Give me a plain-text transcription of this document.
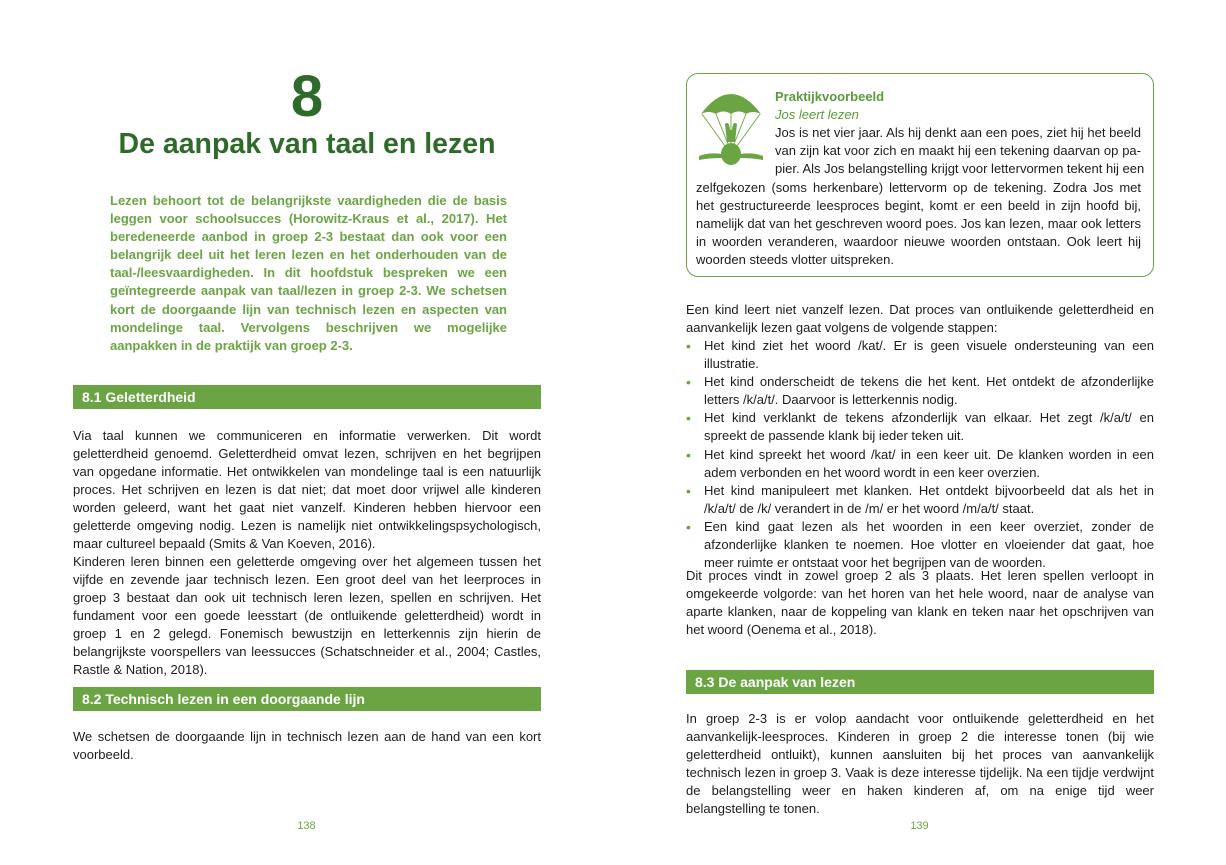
8
De aanpak van taal en lezen

Lezen behoort tot de belangrijkste vaardigheden die de basis leggen voor schoolsucces (Horowitz-Kraus et al., 2017). Het beredeneerde aanbod in groep 2-3 bestaat dan ook voor een belangrijk deel uit het leren lezen en het onderhouden van de taal-/leesvaardigheden. In dit hoofdstuk bespreken we een geïntegreerde aanpak van taal/lezen in groep 2-3. We schetsen kort de doorgaande lijn van technisch lezen en aspecten van mondelinge taal. Vervolgens beschrijven we mogelijke aanpakken in de praktijk van groep 2-3.

8.1 Geletterdheid

Via taal kunnen we communiceren en informatie verwerken. Dit wordt geletterdheid genoemd. Geletterdheid omvat lezen, schrijven en het begrijpen van opgedane informatie. Het ontwikkelen van mondelinge taal is een natuurlijk proces. Het schrijven en lezen is dat niet; dat moet door vrijwel alle kinderen worden geleerd, want het gaat niet vanzelf. Kinderen hebben hiervoor een geletterde omgeving nodig. Lezen is namelijk niet ontwikkelingspsychologisch, maar cultureel bepaald (Smits & Van Koeven, 2016).

Kinderen leren binnen een geletterde omgeving over het algemeen tussen het vijfde en zevende jaar technisch lezen. Een groot deel van het leerproces in groep 3 bestaat dan ook uit technisch leren lezen, spellen en schrijven. Het fundament voor een goede leesstart (de ontluikende geletterdheid) wordt in groep 1 en 2 gelegd. Fonemisch bewustzijn en letterkennis zijn hierin de belangrijkste voorspellers van leessucces (Schatschneider et al., 2004; Castles, Rastle & Nation, 2018).

8.2 Technisch lezen in een doorgaande lijn

We schetsen de doorgaande lijn in technisch lezen aan de hand van een kort voorbeeld.

138
Praktijkvoorbeeld
Jos leert lezen
Jos is net vier jaar. Als hij denkt aan een poes, ziet hij het beeld
van zijn kat voor zich en maakt hij een tekening daarvan op pa-
pier. Als Jos belangstelling krijgt voor lettervormen tekent hij een
zelfgekozen (soms herkenbare) lettervorm op de tekening. Zodra Jos met
het gestructureerde leesproces begint, komt er een beeld in zijn hoofd bij,
namelijk dat van het geschreven woord poes. Jos kan lezen, maar ook letters
in woorden veranderen, waardoor nieuwe woorden ontstaan. Ook leert hij
woorden steeds vlotter uitspreken.

Een kind leert niet vanzelf lezen. Dat proces van ontluikende geletterdheid en aanvankelijk lezen gaat volgens de volgende stappen:

• Het kind ziet het woord /kat/. Er is geen visuele ondersteuning van een illustratie.
• Het kind onderscheidt de tekens die het kent. Het ontdekt de afzonderlijke letters /k/a/t/. Daarvoor is letterkennis nodig.
• Het kind verklankt de tekens afzonderlijk van elkaar. Het zegt /k/a/t/ en spreekt de passende klank bij ieder teken uit.
• Het kind spreekt het woord /kat/ in een keer uit. De klanken worden in een adem verbonden en het woord wordt in een keer overzien.
• Het kind manipuleert met klanken. Het ontdekt bijvoorbeeld dat als het in /k/a/t/ de /k/ verandert in de /m/ er het woord /m/a/t/ staat.
• Een kind gaat lezen als het woorden in een keer overziet, zonder de afzonderlijke klanken te noemen. Hoe vlotter en vloeiender dat gaat, hoe meer ruimte er ontstaat voor het begrijpen van de woorden.

Dit proces vindt in zowel groep 2 als 3 plaats. Het leren spellen verloopt in omgekeerde volgorde: van het horen van het hele woord, naar de analyse van aparte klanken, naar de koppeling van klank en teken naar het opschrijven van het woord (Oenema et al., 2018).

8.3 De aanpak van lezen

In groep 2-3 is er volop aandacht voor ontluikende geletterdheid en het aanvankelijk-leesproces. Kinderen in groep 2 die interesse tonen (bij wie geletterdheid ontluikt), kunnen aansluiten bij het proces van aanvankelijk technisch lezen in groep 3. Vaak is deze interesse tijdelijk. Na een tijdje verdwijnt de belangstelling weer en haken kinderen af, om na enige tijd weer belangstelling te tonen.

139
